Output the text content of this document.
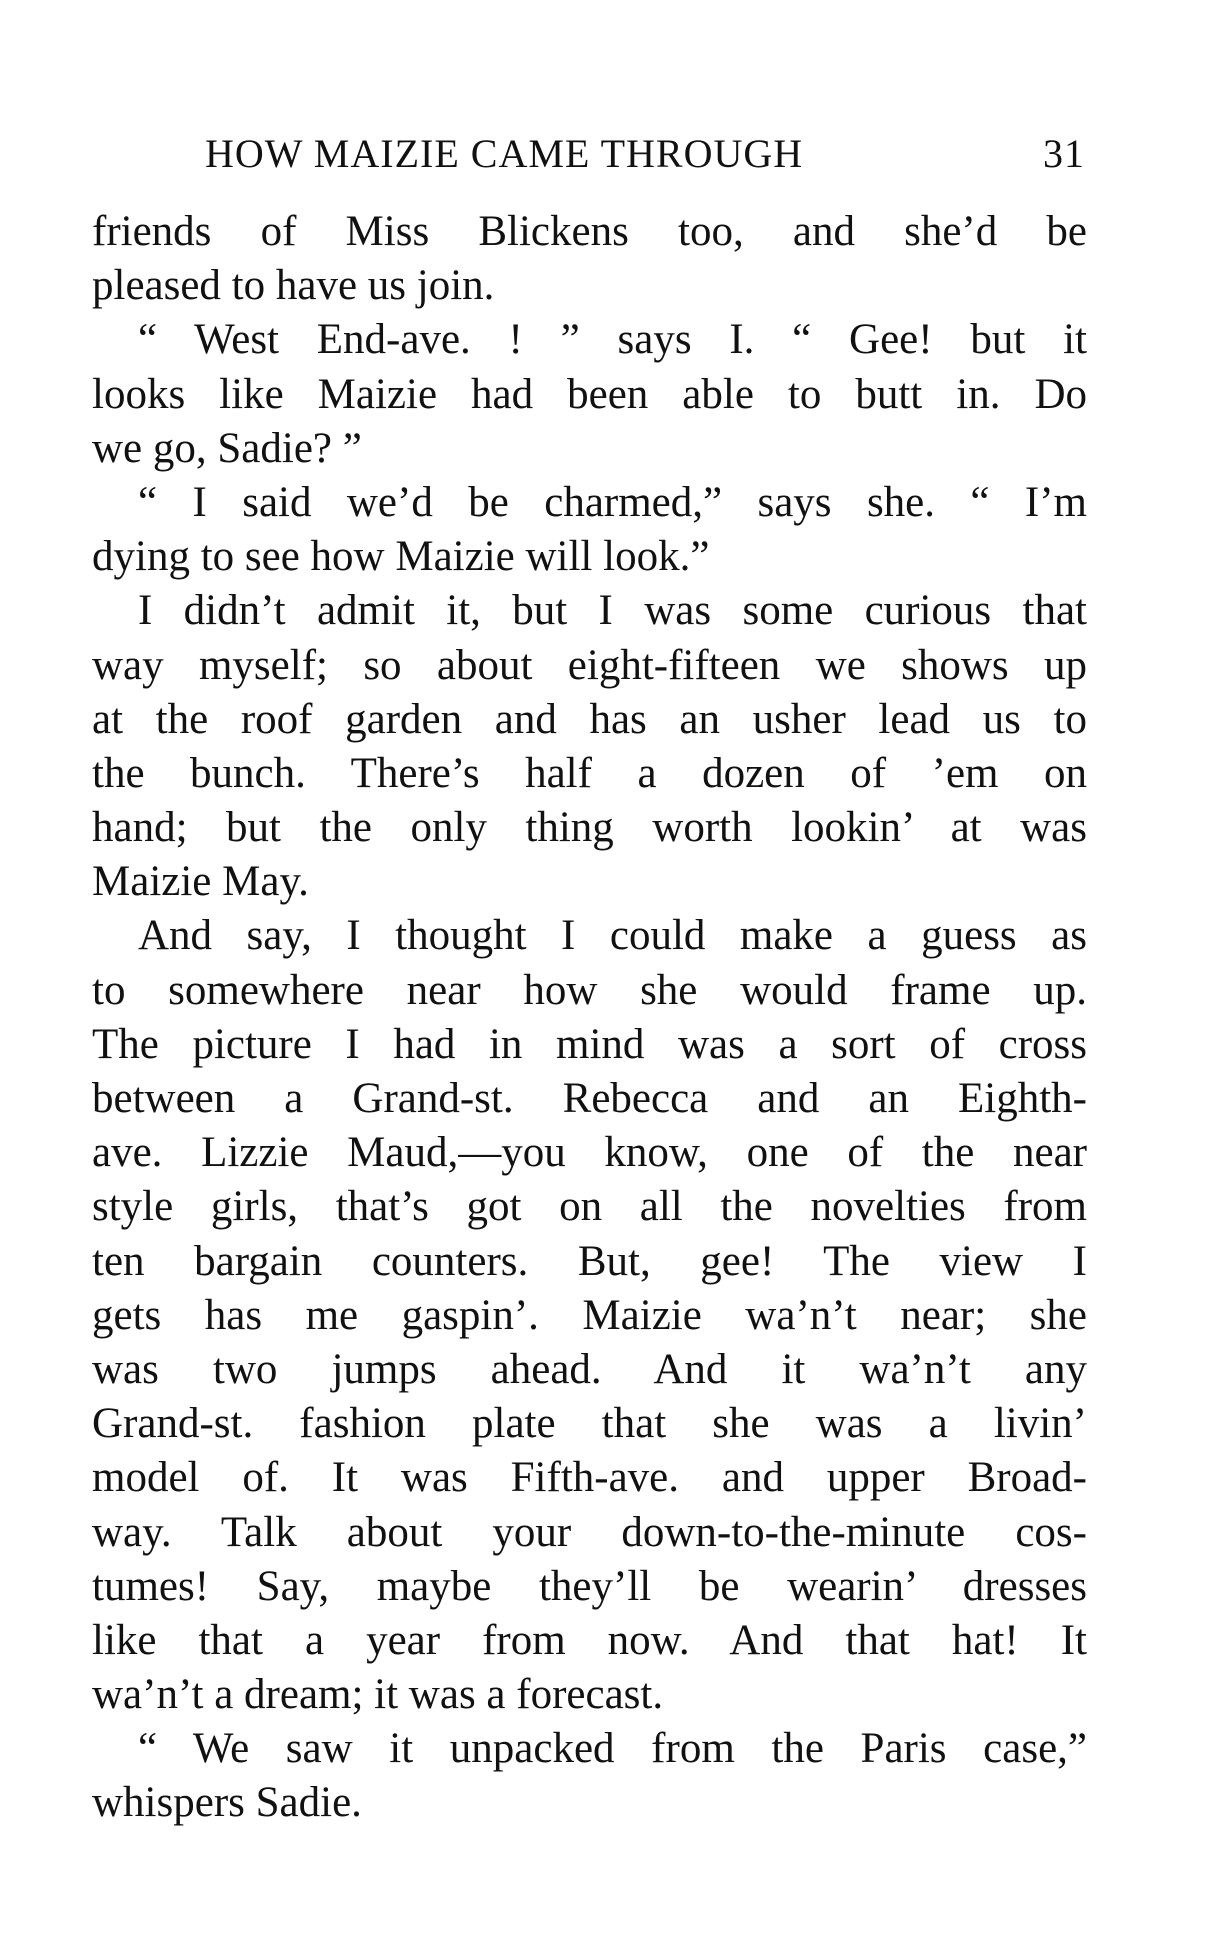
HOW MAIZIE CAME THROUGH	31
friends of Miss Blickens too, and she’d be
pleased to have us join.
“ West End-ave. ! ” says I. “ Gee! but it
looks like Maizie had been able to butt in. Do
we go, Sadie? ”
“ I said we’d be charmed,” says she. “ I’m
dying to see how Maizie will look.”
I didn’t admit it, but I was some curious that
way myself; so about eight-fifteen we shows up
at the roof garden and has an usher lead us to
the bunch. There’s half a dozen of ’em on
hand; but the only thing worth lookin’ at was
Maizie May.
And say, I thought I could make a guess as
to somewhere near how she would frame up.
The picture I had in mind was a sort of cross
between a Grand-st. Rebecca and an Eighth-
ave. Lizzie Maud,—you know, one of the near
style girls, that’s got on all the novelties from
ten bargain counters. But, gee! The view I
gets has me gaspin’. Maizie wa’n’t near; she
was two jumps ahead. And it wa’n’t any
Grand-st. fashion plate that she was a livin’
model of. It was Fifth-ave. and upper Broad-
way. Talk about your down-to-the-minute cos-
tumes! Say, maybe they’ll be wearin’ dresses
like that a year from now. And that hat! It
wa’n’t a dream; it was a forecast.
“ We saw it unpacked from the Paris case,”
whispers Sadie.
